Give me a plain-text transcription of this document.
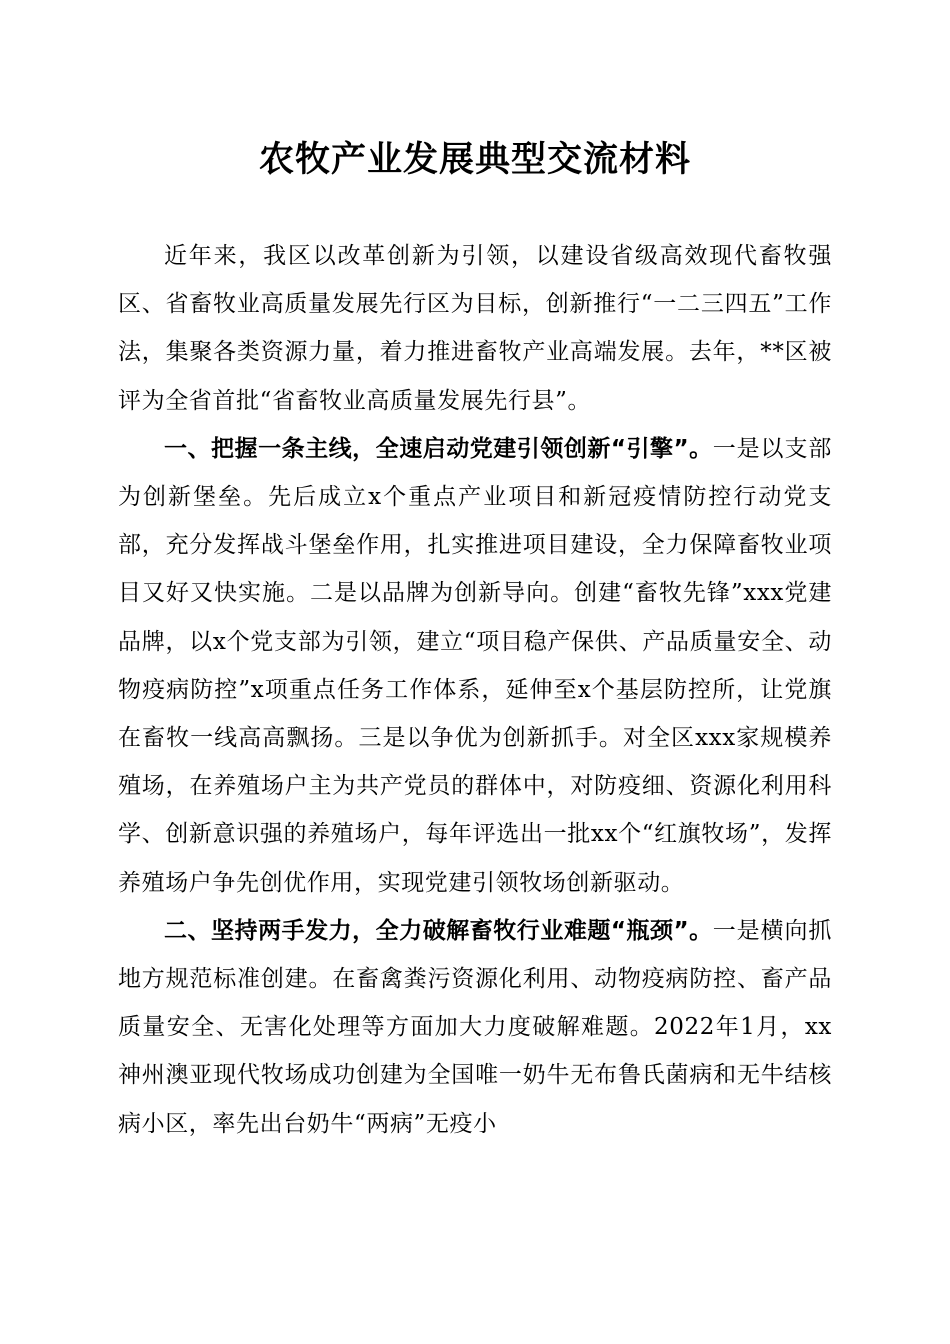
农牧产业发展典型交流材料

近年来，我区以改革创新为引领，以建设省级高效现代畜牧强区、省畜牧业高质量发展先行区为目标，创新推行“一二三四五”工作法，集聚各类资源力量，着力推进畜牧产业高端发展。去年，**区被评为全省首批“省畜牧业高质量发展先行县”。

一、把握一条主线，全速启动党建引领创新“引擎”。一是以支部为创新堡垒。先后成立x个重点产业项目和新冠疫情防控行动党支部，充分发挥战斗堡垒作用，扎实推进项目建设，全力保障畜牧业项目又好又快实施。二是以品牌为创新导向。创建“畜牧先锋”xxx党建品牌，以x个党支部为引领，建立“项目稳产保供、产品质量安全、动物疫病防控”x项重点任务工作体系，延伸至x个基层防控所，让党旗在畜牧一线高高飘扬。三是以争优为创新抓手。对全区xxx家规模养殖场，在养殖场户主为共产党员的群体中，对防疫细、资源化利用科学、创新意识强的养殖场户，每年评选出一批xx个“红旗牧场”，发挥养殖场户争先创优作用，实现党建引领牧场创新驱动。

二、坚持两手发力，全力破解畜牧行业难题“瓶颈”。一是横向抓地方规范标准创建。在畜禽粪污资源化利用、动物疫病防控、畜产品质量安全、无害化处理等方面加大力度破解难题。2022年1月，xx神州澳亚现代牧场成功创建为全国唯一奶牛无布鲁氏菌病和无牛结核病小区，率先出台奶牛“两病”无疫小
